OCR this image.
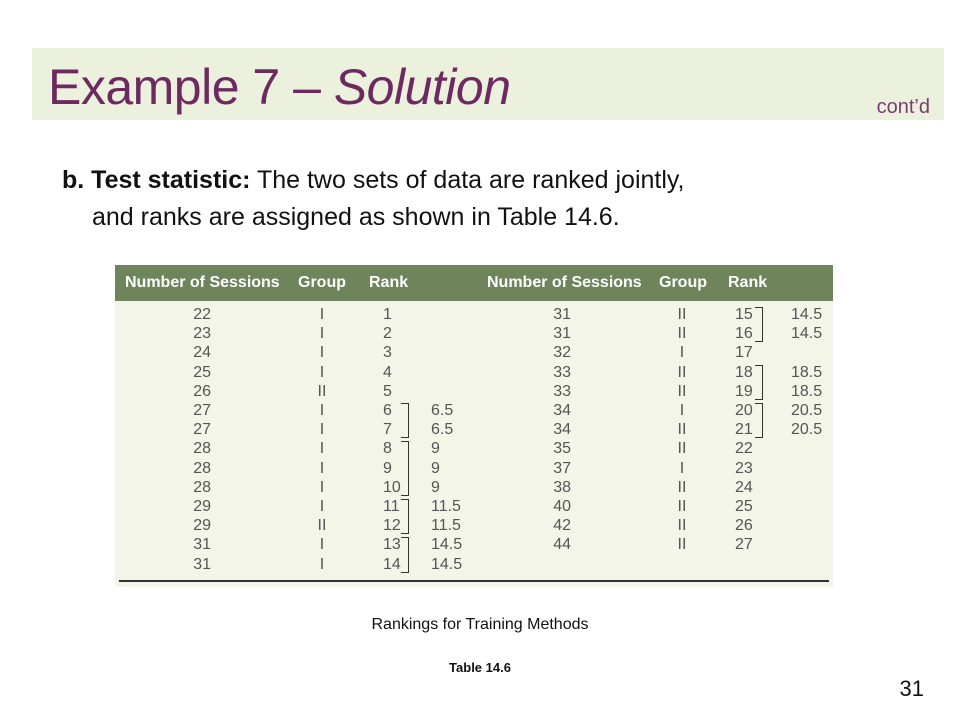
Example 7 – Solution	cont’d
b. Test statistic: The two sets of data are ranked jointly,
and ranks are assigned as shown in Table 14.6.
Number of Sessions Group Rank	Number of Sessions Group Rank
22	I	1
23	I	2
24	I	3
25	I	4
26	II	5
27	I	6	6.5
27	I	7	6.5
28	I	8	9
28	I	9	9
28	I	10	9
29	I	11	11.5
29	II	12	11.5
31	I	13	14.5
31	I	14	14.5
31	II	15	14.5
31	II	16	14.5
32	I	17
33	II	18	18.5
33	II	19	18.5
34	I	20	20.5
34	II	21	20.5
35	II	22
37	I	23
38	II	24
40	II	25
42	II	26
44	II	27
Rankings for Training Methods
Table 14.6
31
